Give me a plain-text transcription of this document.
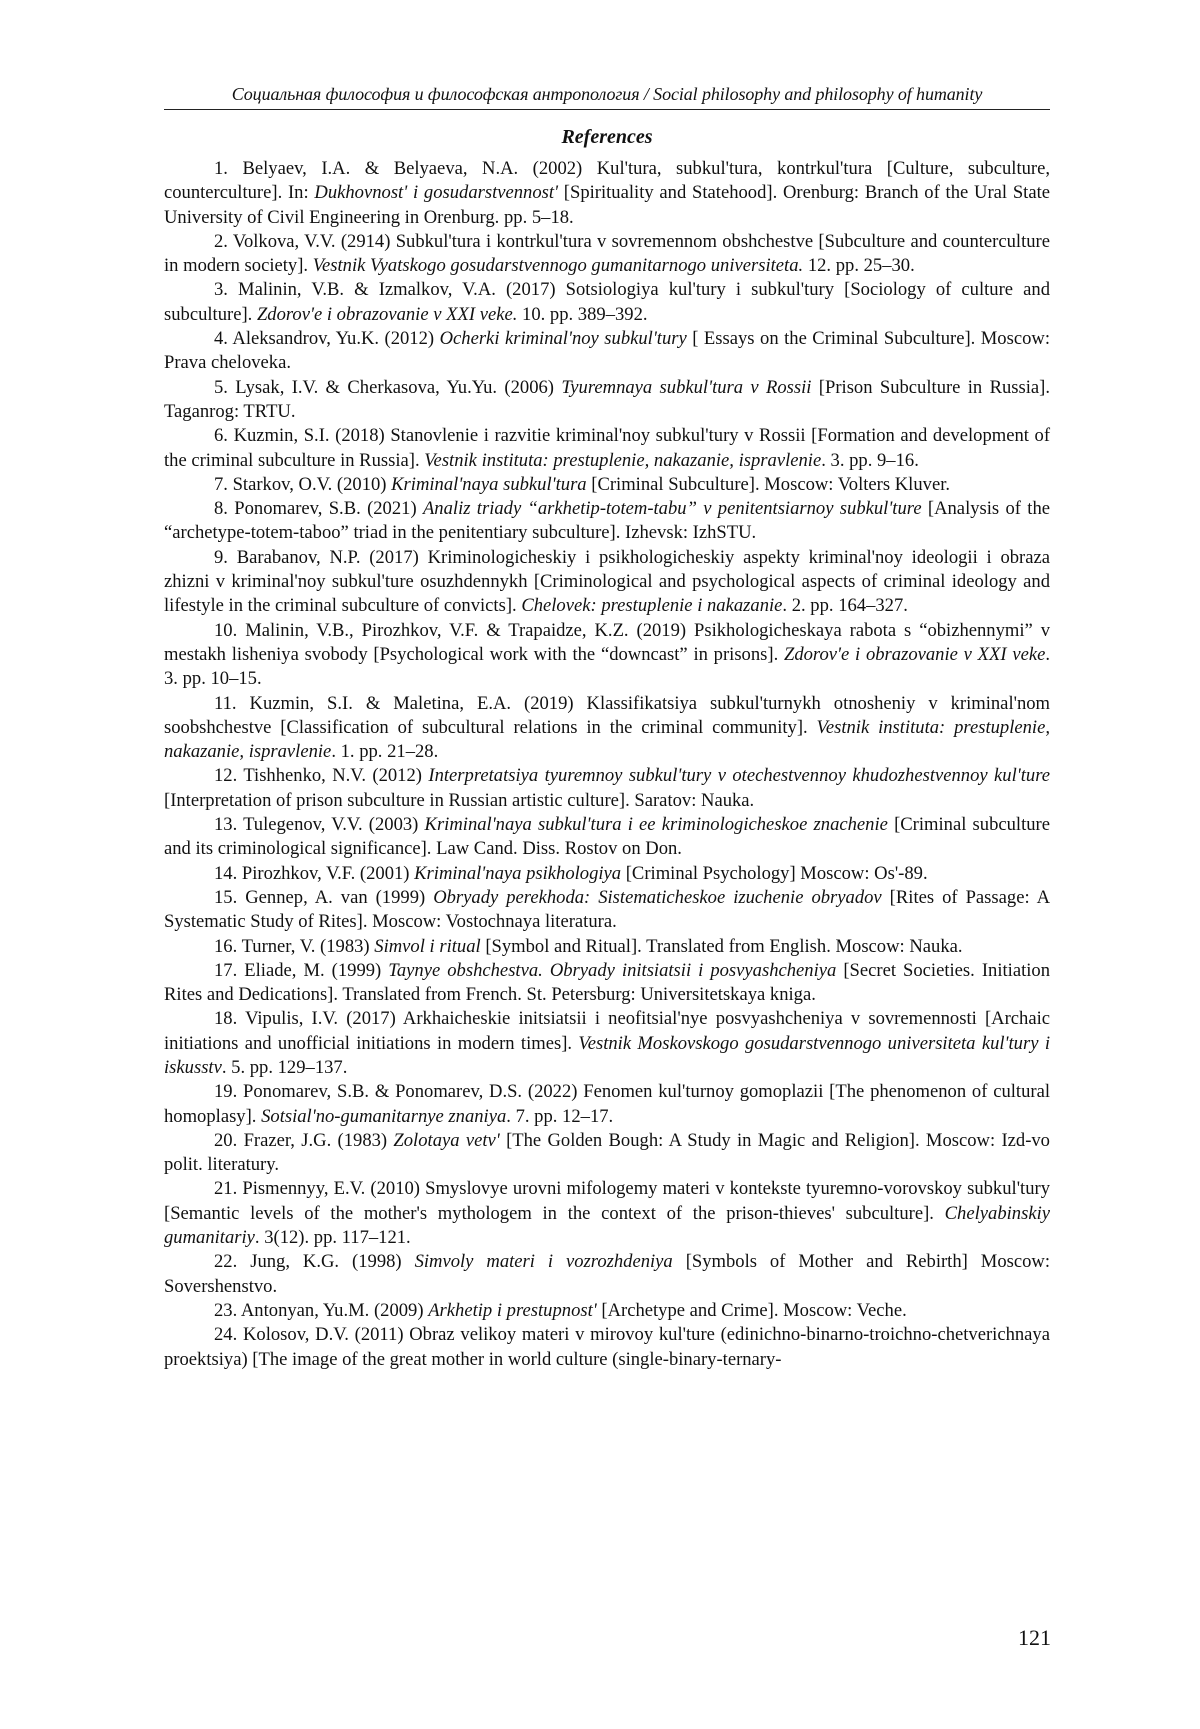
Социальная философия и философская антропология / Social philosophy and philosophy of humanity
References

1. Belyaev, I.A. & Belyaeva, N.A. (2002) Kul'tura, subkul'tura, kontrkul'tura [Culture, subculture, counterculture]. In: Dukhovnost' i gosudarstvennost' [Spirituality and Statehood]. Orenburg: Branch of the Ural State University of Civil Engineering in Orenburg. pp. 5–18.

2. Volkova, V.V. (2914) Subkul'tura i kontrkul'tura v sovremennom obshchestve [Subculture and counterculture in modern society]. Vestnik Vyatskogo gosudarstvennogo gumanitarnogo universiteta. 12. pp. 25–30.

3. Malinin, V.B. & Izmalkov, V.A. (2017) Sotsiologiya kul'tury i subkul'tury [Sociology of culture and subculture]. Zdorov'e i obrazovanie v XXI veke. 10. pp. 389–392.

4. Aleksandrov, Yu.K. (2012) Ocherki kriminal'noy subkul'tury [ Essays on the Criminal Subculture]. Moscow: Prava cheloveka.

5. Lysak, I.V. & Cherkasova, Yu.Yu. (2006) Tyuremnaya subkul'tura v Rossii [Prison Subculture in Russia]. Taganrog: TRTU.

6. Kuzmin, S.I. (2018) Stanovlenie i razvitie kriminal'noy subkul'tury v Rossii [Formation and development of the criminal subculture in Russia]. Vestnik instituta: prestuplenie, nakazanie, ispravlenie. 3. pp. 9–16.

7. Starkov, O.V. (2010) Kriminal'naya subkul'tura [Criminal Subculture]. Moscow: Volters Kluver.

8. Ponomarev, S.B. (2021) Analiz triady “arkhetip-totem-tabu” v penitentsiarnoy subkul'ture [Analysis of the “archetype-totem-taboo” triad in the penitentiary subculture]. Izhevsk: IzhSTU.

9. Barabanov, N.P. (2017) Kriminologicheskiy i psikhologicheskiy aspekty kriminal'noy ideologii i obraza zhizni v kriminal'noy subkul'ture osuzhdennykh [Criminological and psychological aspects of criminal ideology and lifestyle in the criminal subculture of convicts]. Chelovek: prestuplenie i nakazanie. 2. pp. 164–327.

10. Malinin, V.B., Pirozhkov, V.F. & Trapaidze, K.Z. (2019) Psikhologicheskaya rabota s “obizhennymi” v mestakh lisheniya svobody [Psychological work with the “downcast” in prisons]. Zdorov'e i obrazovanie v XXI veke. 3. pp. 10–15.

11. Kuzmin, S.I. & Maletina, E.A. (2019) Klassifikatsiya subkul'turnykh otnosheniy v kriminal'nom soobshchestve [Classification of subcultural relations in the criminal community]. Vestnik instituta: prestuplenie, nakazanie, ispravlenie. 1. pp. 21–28.

12. Tishhenko, N.V. (2012) Interpretatsiya tyuremnoy subkul'tury v otechestvennoy khudozhestvennoy kul'ture [Interpretation of prison subculture in Russian artistic culture]. Saratov: Nauka.

13. Tulegenov, V.V. (2003) Kriminal'naya subkul'tura i ee kriminologicheskoe znachenie [Criminal subculture and its criminological significance]. Law Cand. Diss. Rostov on Don.

14. Pirozhkov, V.F. (2001) Kriminal'naya psikhologiya [Criminal Psychology] Moscow: Os'-89.

15. Gennep, A. van (1999) Obryady perekhoda: Sistematicheskoe izuchenie obryadov [Rites of Passage: A Systematic Study of Rites]. Moscow: Vostochnaya literatura.

16. Turner, V. (1983) Simvol i ritual [Symbol and Ritual]. Translated from English. Moscow: Nauka.

17. Eliade, M. (1999) Taynye obshchestva. Obryady initsiatsii i posvyashcheniya [Secret Societies. Initiation Rites and Dedications]. Translated from French. St. Petersburg: Universitetskaya kniga.

18. Vipulis, I.V. (2017) Arkhaicheskie initsiatsii i neofitsial'nye posvyashcheniya v sovremennosti [Archaic initiations and unofficial initiations in modern times]. Vestnik Moskovskogo gosudarstvennogo universiteta kul'tury i iskusstv. 5. pp. 129–137.

19. Ponomarev, S.B. & Ponomarev, D.S. (2022) Fenomen kul'turnoy gomoplazii [The phenomenon of cultural homoplasy]. Sotsial'no-gumanitarnye znaniya. 7. pp. 12–17.

20. Frazer, J.G. (1983) Zolotaya vetv' [The Golden Bough: A Study in Magic and Religion]. Moscow: Izd-vo polit. literatury.

21. Pismennyy, E.V. (2010) Smyslovye urovni mifologemy materi v kontekste tyuremno-vorovskoy subkul'tury [Semantic levels of the mother's mythologem in the context of the prison-thieves' subculture]. Chelyabinskiy gumanitariy. 3(12). pp. 117–121.

22. Jung, K.G. (1998) Simvoly materi i vozrozhdeniya [Symbols of Mother and Rebirth] Moscow: Sovershenstvo.

23. Antonyan, Yu.M. (2009) Arkhetip i prestupnost' [Archetype and Crime]. Moscow: Veche.

24. Kolosov, D.V. (2011) Obraz velikoy materi v mirovoy kul'ture (edinichno-binarno-troichno-chetverichnaya proektsiya) [The image of the great mother in world culture (single-binary-ternary-

121
